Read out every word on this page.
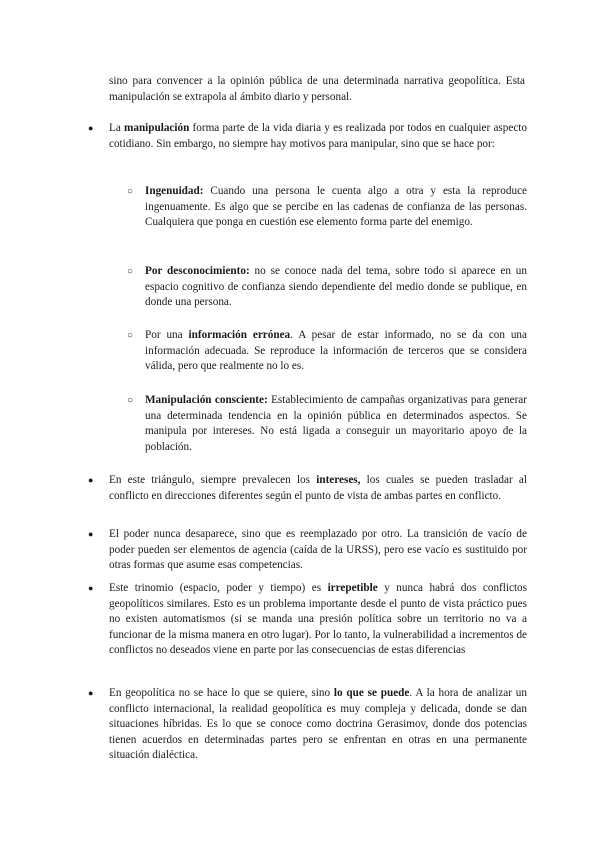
sino para convencer a la opinión pública de una determinada narrativa geopolítica. Esta manipulación se extrapola al ámbito diario y personal.

● La manipulación forma parte de la vida diaria y es realizada por todos en cualquier aspecto cotidiano. Sin embargo, no siempre hay motivos para manipular, sino que se hace por:

○ Ingenuidad: Cuando una persona le cuenta algo a otra y esta la reproduce ingenuamente. Es algo que se percibe en las cadenas de confianza de las personas. Cualquiera que ponga en cuestión ese elemento forma parte del enemigo.

○ Por desconocimiento: no se conoce nada del tema, sobre todo si aparece en un espacio cognitivo de confianza siendo dependiente del medio donde se publique, en donde una persona.

○ Por una información errónea. A pesar de estar informado, no se da con una información adecuada. Se reproduce la información de terceros que se considera válida, pero que realmente no lo es.

○ Manipulación consciente: Establecimiento de campañas organizativas para generar una determinada tendencia en la opinión pública en determinados aspectos. Se manipula por intereses. No está ligada a conseguir un mayoritario apoyo de la población.

● En este triángulo, siempre prevalecen los intereses, los cuales se pueden trasladar al conflicto en direcciones diferentes según el punto de vista de ambas partes en conflicto.

● El poder nunca desaparece, sino que es reemplazado por otro. La transición de vacío de poder pueden ser elementos de agencia (caída de la URSS), pero ese vacío es sustituido por otras formas que asume esas competencias.

● Este trinomio (espacio, poder y tiempo) es irrepetible y nunca habrá dos conflictos geopolíticos similares. Esto es un problema importante desde el punto de vista práctico pues no existen automatismos (si se manda una presión política sobre un territorio no va a funcionar de la misma manera en otro lugar). Por lo tanto, la vulnerabilidad a incrementos de conflictos no deseados viene en parte por las consecuencias de estas diferencias

● En geopolítica no se hace lo que se quiere, sino lo que se puede. A la hora de analizar un conflicto internacional, la realidad geopolítica es muy compleja y delicada, donde se dan situaciones híbridas. Es lo que se conoce como doctrina Gerasimov, donde dos potencias tienen acuerdos en determinadas partes pero se enfrentan en otras en una permanente situación dialéctica.
